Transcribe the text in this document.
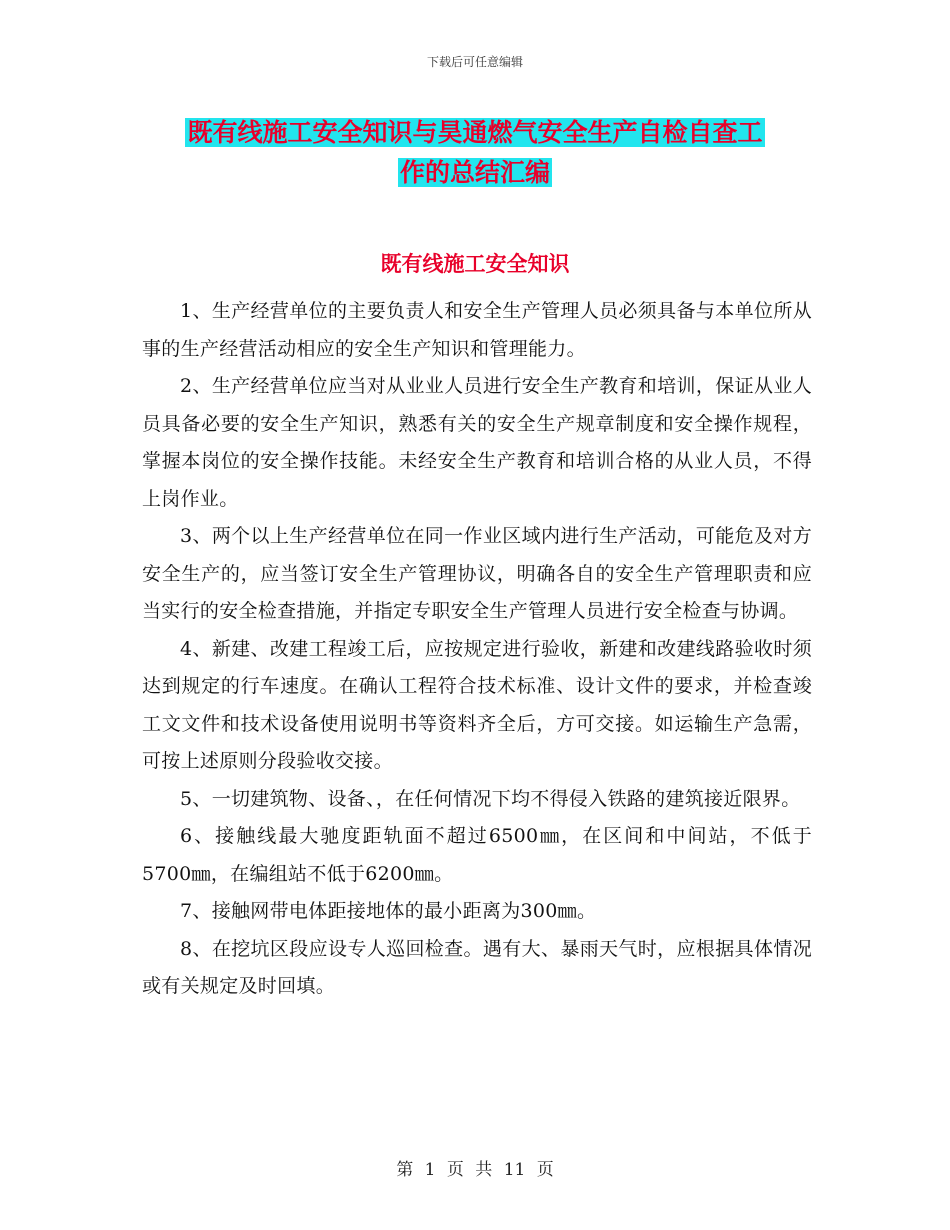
下载后可任意编辑
既有线施工安全知识与昊通燃气安全生产自检自查工
作的总结汇编
既有线施工安全知识

1、生产经营单位的主要负责人和安全生产管理人员必须具备与本单位所从事的生产经营活动相应的安全生产知识和管理能力。

2、生产经营单位应当对从业业人员进行安全生产教育和培训，保证从业人员具备必要的安全生产知识，熟悉有关的安全生产规章制度和安全操作规程，掌握本岗位的安全操作技能。未经安全生产教育和培训合格的从业人员，不得上岗作业。

3、两个以上生产经营单位在同一作业区域内进行生产活动，可能危及对方安全生产的，应当签订安全生产管理协议，明确各自的安全生产管理职责和应当实行的安全检查措施，并指定专职安全生产管理人员进行安全检查与协调。

4、新建、改建工程竣工后，应按规定进行验收，新建和改建线路验收时须达到规定的行车速度。在确认工程符合技术标准、设计文件的要求，并检查竣工文文件和技术设备使用说明书等资料齐全后，方可交接。如运输生产急需，可按上述原则分段验收交接。

5、一切建筑物、设备、，在任何情况下均不得侵入铁路的建筑接近限界。

6、接触线最大驰度距轨面不超过6500㎜，在区间和中间站，不低于5700㎜，在编组站不低于6200㎜。

7、接触网带电体距接地体的最小距离为300㎜。

8、在挖坑区段应设专人巡回检查。遇有大、暴雨天气时，应根据具体情况或有关规定及时回填。

第 1 页 共 11 页
